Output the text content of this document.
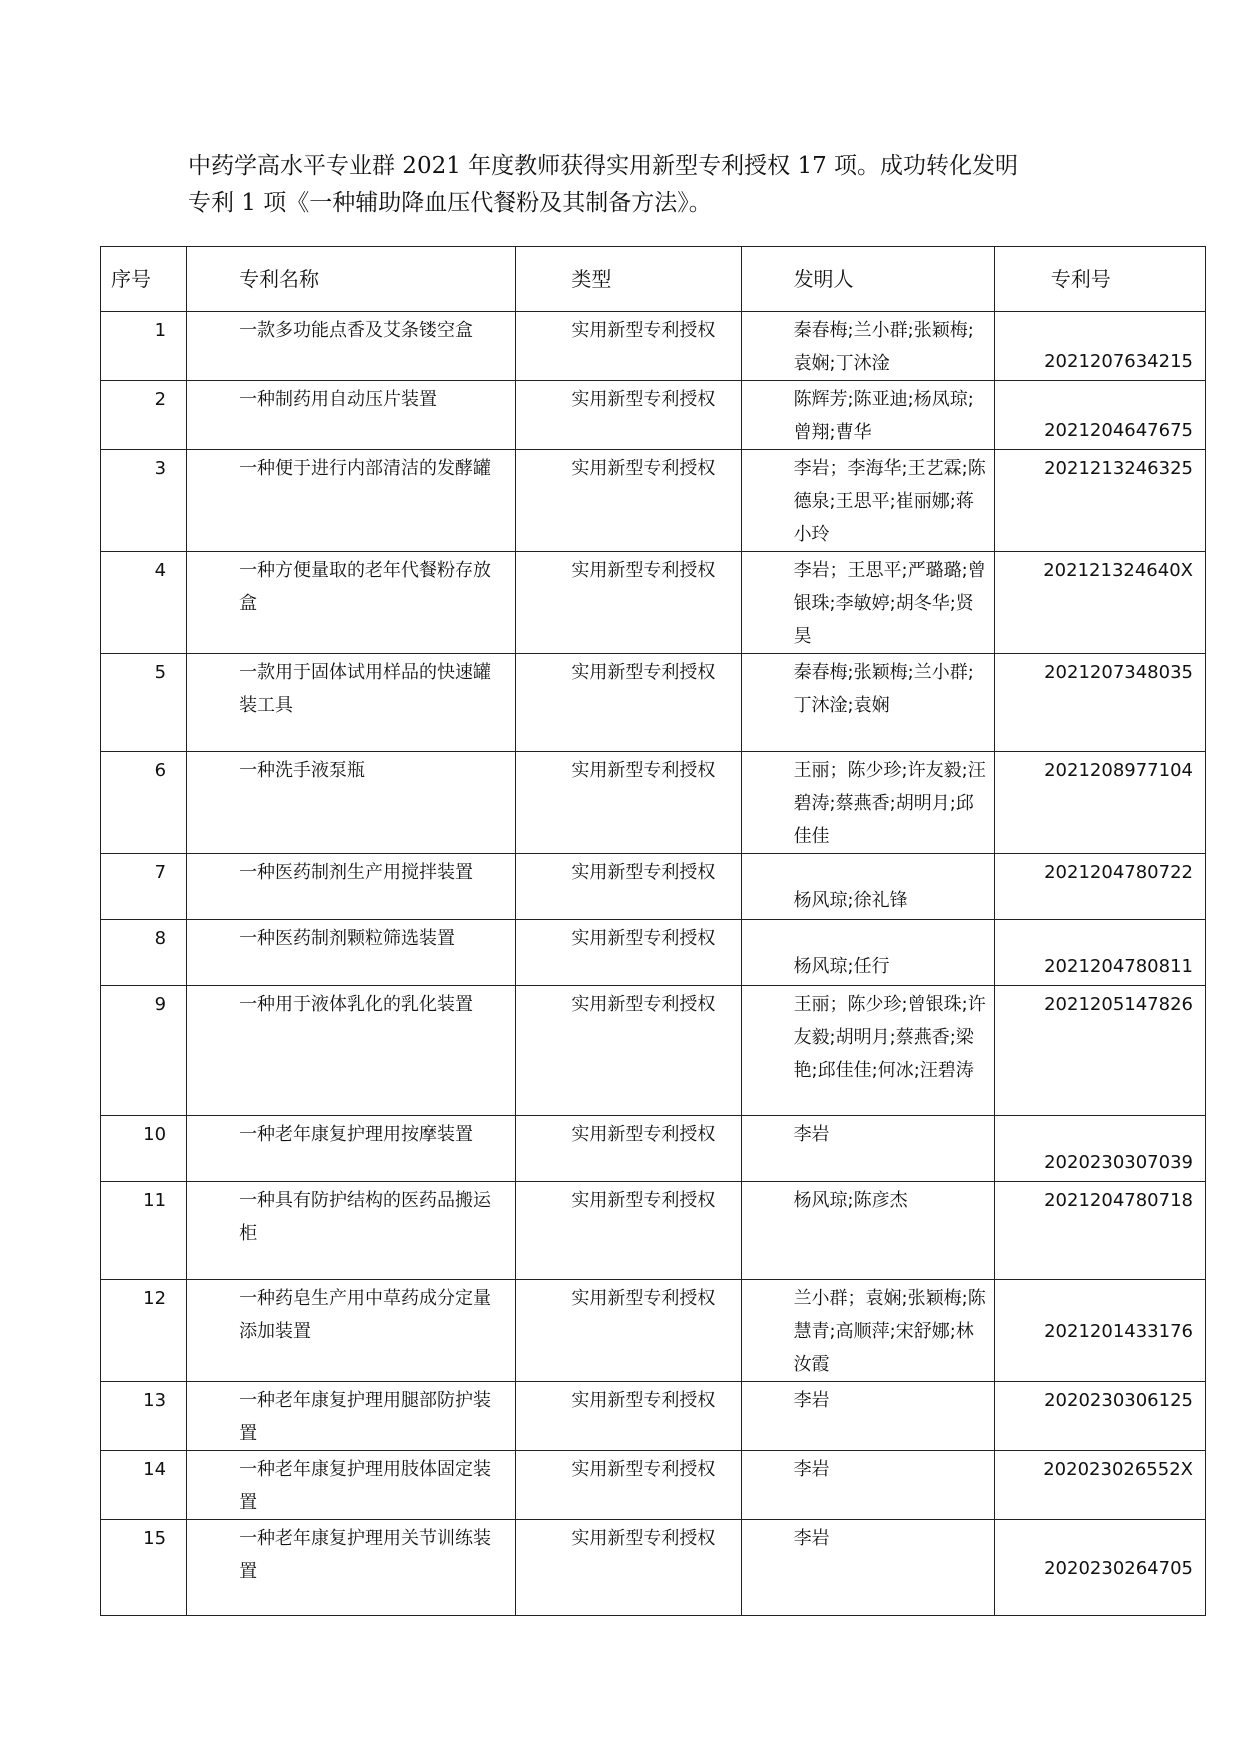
中药学高水平专业群 2021 年度教师获得实用新型专利授权 17 项。成功转化发明
专利 1 项《一种辅助降血压代餐粉及其制备方法》。
序号	专利名称	类型	发明人	专利号
1	一款多功能点香及艾条镂空盒	实用新型专利授权	秦春梅;兰小群;张颖梅;袁娴;丁沐淦	2021207634215
2	一种制药用自动压片装置	实用新型专利授权	陈辉芳;陈亚迪;杨凤琼;曾翔;曹华	2021204647675
3	一种便于进行内部清洁的发酵罐	实用新型专利授权	李岩；李海华;王艺霖;陈德泉;王思平;崔丽娜;蒋小玲	2021213246325
4	一种方便量取的老年代餐粉存放盒	实用新型专利授权	李岩；王思平;严璐璐;曾银珠;李敏婷;胡冬华;贤昊	202121324640X
5	一款用于固体试用样品的快速罐装工具	实用新型专利授权	秦春梅;张颖梅;兰小群;丁沐淦;袁娴	2021207348035
6	一种洗手液泵瓶	实用新型专利授权	王丽；陈少珍;许友毅;汪碧涛;蔡燕香;胡明月;邱佳佳	2021208977104
7	一种医药制剂生产用搅拌装置	实用新型专利授权	杨风琼;徐礼锋	2021204780722
8	一种医药制剂颗粒筛选装置	实用新型专利授权	杨风琼;任行	2021204780811
9	一种用于液体乳化的乳化装置	实用新型专利授权	王丽；陈少珍;曾银珠;许友毅;胡明月;蔡燕香;梁艳;邱佳佳;何冰;汪碧涛	2021205147826
10	一种老年康复护理用按摩装置	实用新型专利授权	李岩	2020230307039
11	一种具有防护结构的医药品搬运柜	实用新型专利授权	杨风琼;陈彦杰	2021204780718
12	一种药皂生产用中草药成分定量添加装置	实用新型专利授权	兰小群；袁娴;张颖梅;陈慧青;高顺萍;宋舒娜;林汝霞	2021201433176
13	一种老年康复护理用腿部防护装置	实用新型专利授权	李岩	2020230306125
14	一种老年康复护理用肢体固定装置	实用新型专利授权	李岩	202023026552X
15	一种老年康复护理用关节训练装置	实用新型专利授权	李岩	2020230264705
